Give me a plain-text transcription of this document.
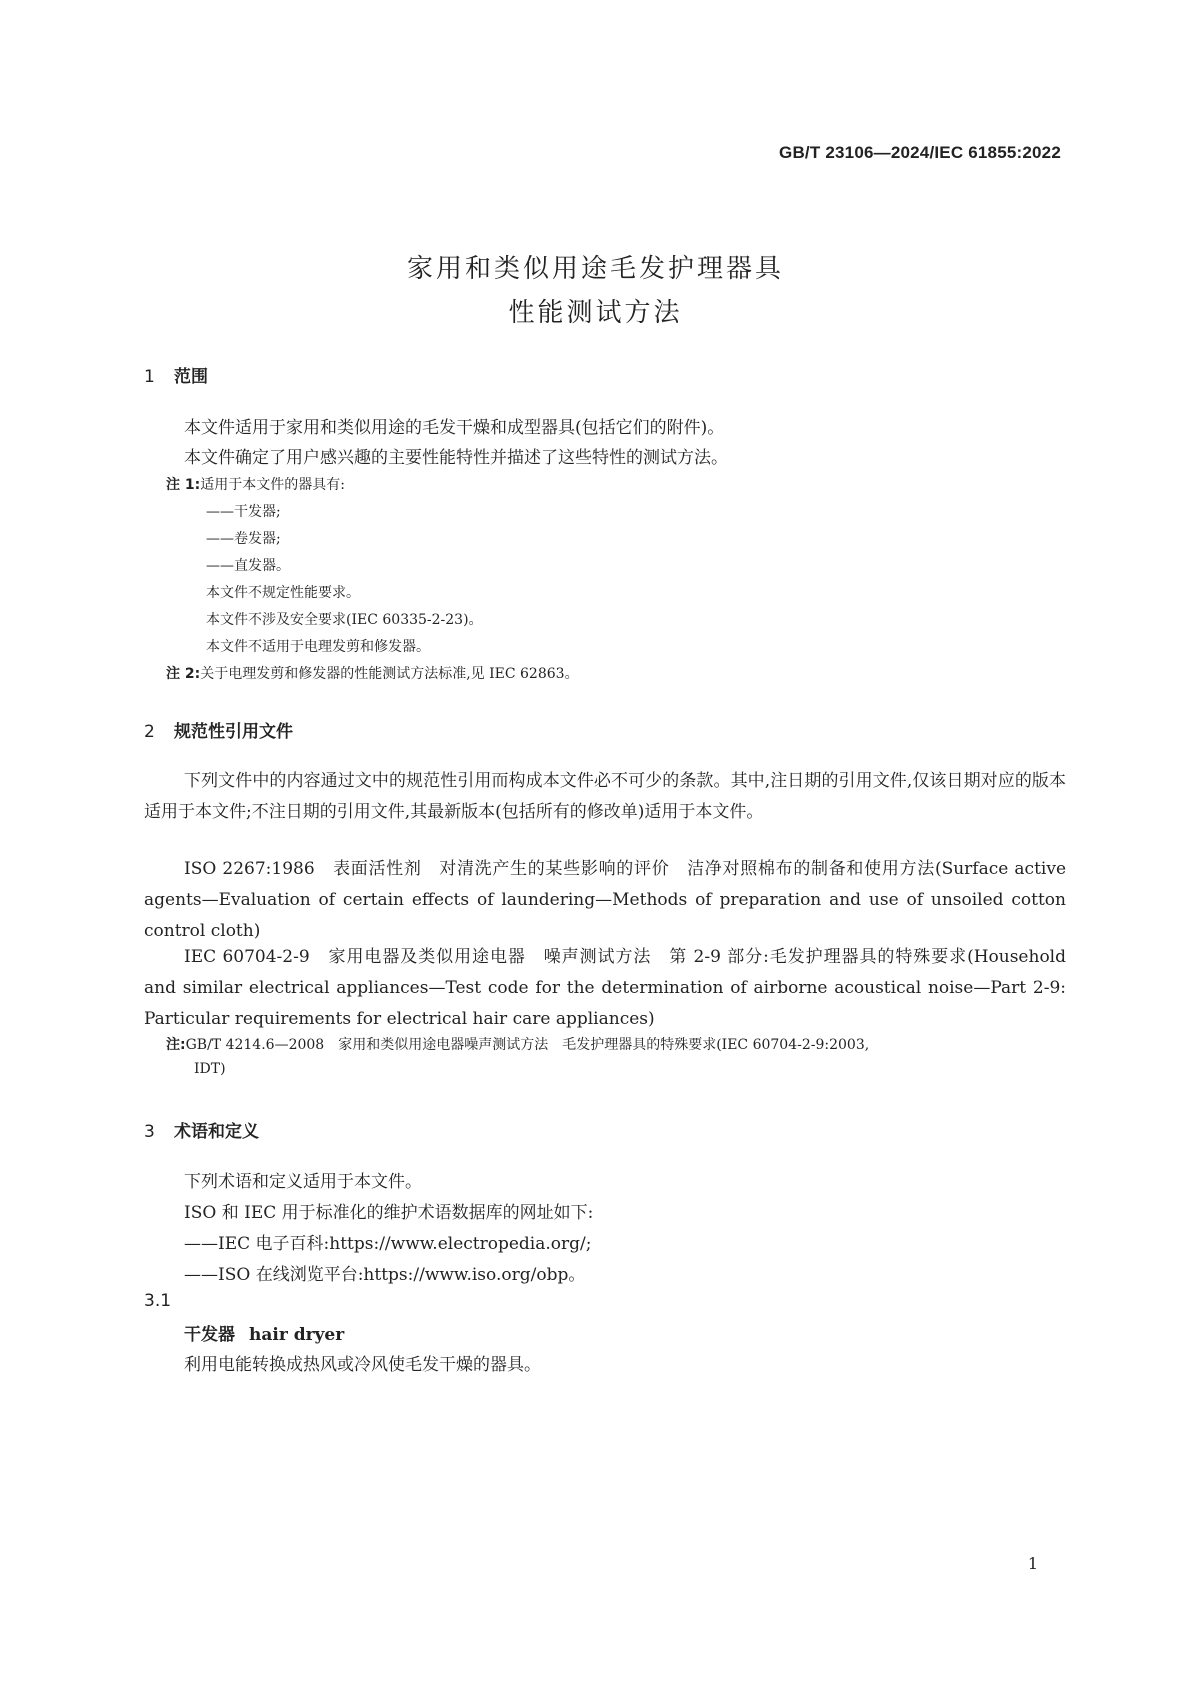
GB/T 23106—2024/IEC 61855:2022
家用和类似用途毛发护理器具
性能测试方法
1 范围
本文件适用于家用和类似用途的毛发干燥和成型器具(包括它们的附件)。
本文件确定了用户感兴趣的主要性能特性并描述了这些特性的测试方法。
注 1:适用于本文件的器具有:
——干发器;
——卷发器;
——直发器。
本文件不规定性能要求。
本文件不涉及安全要求(IEC 60335-2-23)。
本文件不适用于电理发剪和修发器。
注 2:关于电理发剪和修发器的性能测试方法标准,见 IEC 62863。
2 规范性引用文件
下列文件中的内容通过文中的规范性引用而构成本文件必不可少的条款。其中,注日期的引用文件,仅该日期对应的版本适用于本文件;不注日期的引用文件,其最新版本(包括所有的修改单)适用于本文件。
ISO 2267:1986　表面活性剂　对清洗产生的某些影响的评价　洁净对照棉布的制备和使用方法(Surface active agents—Evaluation of certain effects of laundering—Methods of preparation and use of unsoiled cotton control cloth)
IEC 60704-2-9　家用电器及类似用途电器　噪声测试方法　第 2-9 部分:毛发护理器具的特殊要求(Household and similar electrical appliances—Test code for the determination of airborne acoustical noise—Part 2-9: Particular requirements for electrical hair care appliances)
注:GB/T 4214.6—2008　家用和类似用途电器噪声测试方法　毛发护理器具的特殊要求(IEC 60704-2-9:2003,
IDT)
3 术语和定义
下列术语和定义适用于本文件。
ISO 和 IEC 用于标准化的维护术语数据库的网址如下:
——IEC 电子百科:https://www.electropedia.org/;
——ISO 在线浏览平台:https://www.iso.org/obp。
3.1
干发器 hair dryer
利用电能转换成热风或冷风使毛发干燥的器具。
1
